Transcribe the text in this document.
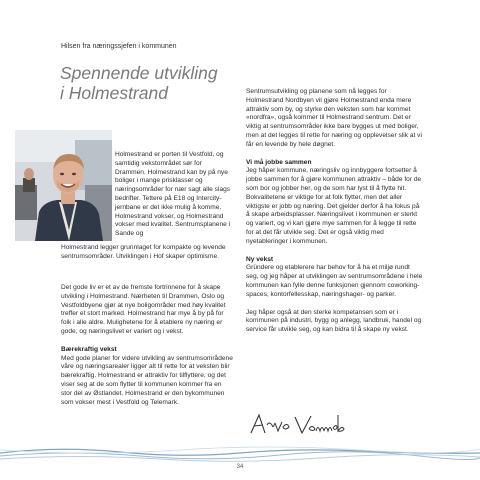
Hilsen fra næringssjefen i kommunen
Spennende utvikling
i Holmestrand
Holmestrand er porten til Vestfold, og samtidig vekstområdet sør for Drammen. Holmestrand kan by på nye boliger i mange prisklasser og næringsområder for nær sagt alle slags bedrifter. Tettere på E18 og Intercity-jernbane er det ikke mulig å komme. Holmestrand vokser, og Holmestrand vokser med kvalitet. Sentrumsplanene i Sande og
Holmestrand legger grunnlaget for kompakte og levende sentrumsområder. Utviklingen i Hof skaper optimisme.

Det gode liv er et av de fremste fortrinnene for å skape utvikling i Holmestrand. Nærheten til Drammen, Oslo og Vestfoldbyene gjør at nye boligområder med høy kvalitet treffer et stort marked. Holmestrand har mye å by på for folk i alle aldre. Mulighetene for å etablere ny næring er gode, og næringslivet er variert og i vekst.

Bærekraftig vekst

Med gode planer for videre utvikling av sentrumsområdene våre og næringsarealer ligger alt til rette for at veksten blir bærekraftig. Holmestrand er attraktiv for tilflyttere, og det viser seg at de som flytter til kommunen kommer fra en stor del av Østlandet. Holmestrand er den bykommunen som vokser mest i Vestfold og Telemark.

Sentrumsutvikling og planene som nå legges for Holmestrand Nordbyen vil gjøre Holmestrand enda mere attraktiv som by, og styrke den veksten som har kommet «nordfra», også kommer til Holmestrand sentrum. Det er viktig at sentrumsområder ikke bare bygges ut med boliger, men at det legges til rette for næring og opplevelser slik at vi får en levende by hele døgnet.

Vi må jobbe sammen

Jeg håper kommune, næringsliv og innbyggere fortsetter å jobbe sammen for å gjøre kommunen attraktiv – både for de som bor og jobber her, og de som har lyst til å flytte hit. Bokvalitetene er viktige for at folk flytter, men det aller viktigste er jobb og næring. Det gjelder derfor å ha fokus på å skape arbeidsplasser. Næringslivet i kommunen er sterkt og variert, og vi kan gjøre mye sammen for å legge til rette for at det får utvikle seg. Det er også viktig med nyetableringer i kommunen.

Ny vekst

Gründere og etablerere har behov for å ha et miljø rundt seg, og jeg håper at utviklingen av sentrumsområdene i hele kommunen kan fylle denne funksjonen gjennom coworking-spaces, kontorfellesskap, næringshager- og parker.

Jeg håper også at den sterke kompetansen som er i kommunen på industri, bygg og anlegg, landbruk, handel og service får utvikle seg, og kan bidra til å skape ny vekst.

34
